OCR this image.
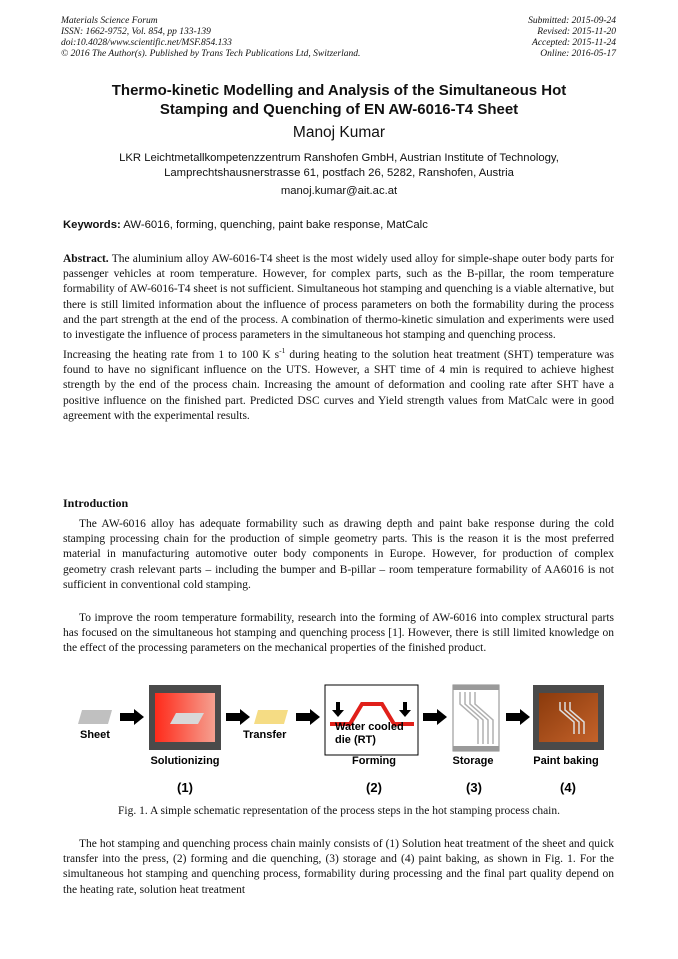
Materials Science Forum
ISSN: 1662-9752, Vol. 854, pp 133-139
doi:10.4028/www.scientific.net/MSF.854.133
© 2016 The Author(s). Published by Trans Tech Publications Ltd, Switzerland.
Submitted: 2015-09-24
Revised: 2015-11-20
Accepted: 2015-11-24
Online: 2016-05-17
Thermo-kinetic Modelling and Analysis of the Simultaneous Hot
Stamping and Quenching of EN AW-6016-T4 Sheet
Manoj Kumar
LKR Leichtmetallkompetenzzentrum Ranshofen GmbH, Austrian Institute of Technology,
Lamprechtshausnerstrasse 61, postfach 26, 5282, Ranshofen, Austria
manoj.kumar@ait.ac.at
Keywords: AW-6016, forming, quenching, paint bake response, MatCalc
Abstract. The aluminium alloy AW-6016-T4 sheet is the most widely used alloy for simple-shape outer body parts for passenger vehicles at room temperature. However, for complex parts, such as the B-pillar, the room temperature formability of AW-6016-T4 sheet is not sufficient. Simultaneous hot stamping and quenching is a viable alternative, but there is still limited information about the influence of process parameters on both the formability during the process and the part strength at the end of the process. A combination of thermo-kinetic simulation and experiments were used to investigate the influence of process parameters in the simultaneous hot stamping and quenching process.
Increasing the heating rate from 1 to 100 K $s^{-1}$ during heating to the solution heat treatment (SHT) temperature was found to have no significant influence on the UTS. However, a SHT time of 4 min is required to achieve highest strength by the end of the process chain. Increasing the amount of deformation and cooling rate after SHT have a positive influence on the finished part. Predicted DSC curves and Yield strength values from MatCalc were in good agreement with the experimental results.
Introduction
The AW-6016 alloy has adequate formability such as drawing depth and paint bake response during the cold stamping processing chain for the production of simple geometry parts. This is the reason it is the most preferred material in manufacturing automotive outer body components in Europe. However, for production of complex geometry crash relevant parts – including the bumper and B-pillar – room temperature formability of AA6016 is not sufficient in conventional cold stamping.
To improve the room temperature formability, research into the forming of AW-6016 into complex structural parts has focused on the simultaneous hot stamping and quenching process [1]. However, there is still limited knowledge on the effect of the processing parameters on the mechanical properties of the finished product.
Sheet
Solutionizing
Transfer
Water cooled
die (RT)
Forming	Storage	Paint baking
(1)	(2)	(3)	(4)
Fig. 1. A simple schematic representation of the process steps in the hot stamping process chain.
The hot stamping and quenching process chain mainly consists of (1) Solution heat treatment of the sheet and quick transfer into the press, (2) forming and die quenching, (3) storage and (4) paint baking, as shown in Fig. 1. For the simultaneous hot stamping and quenching process, formability during processing and the final part quality depend on the heating rate, solution heat treatment
